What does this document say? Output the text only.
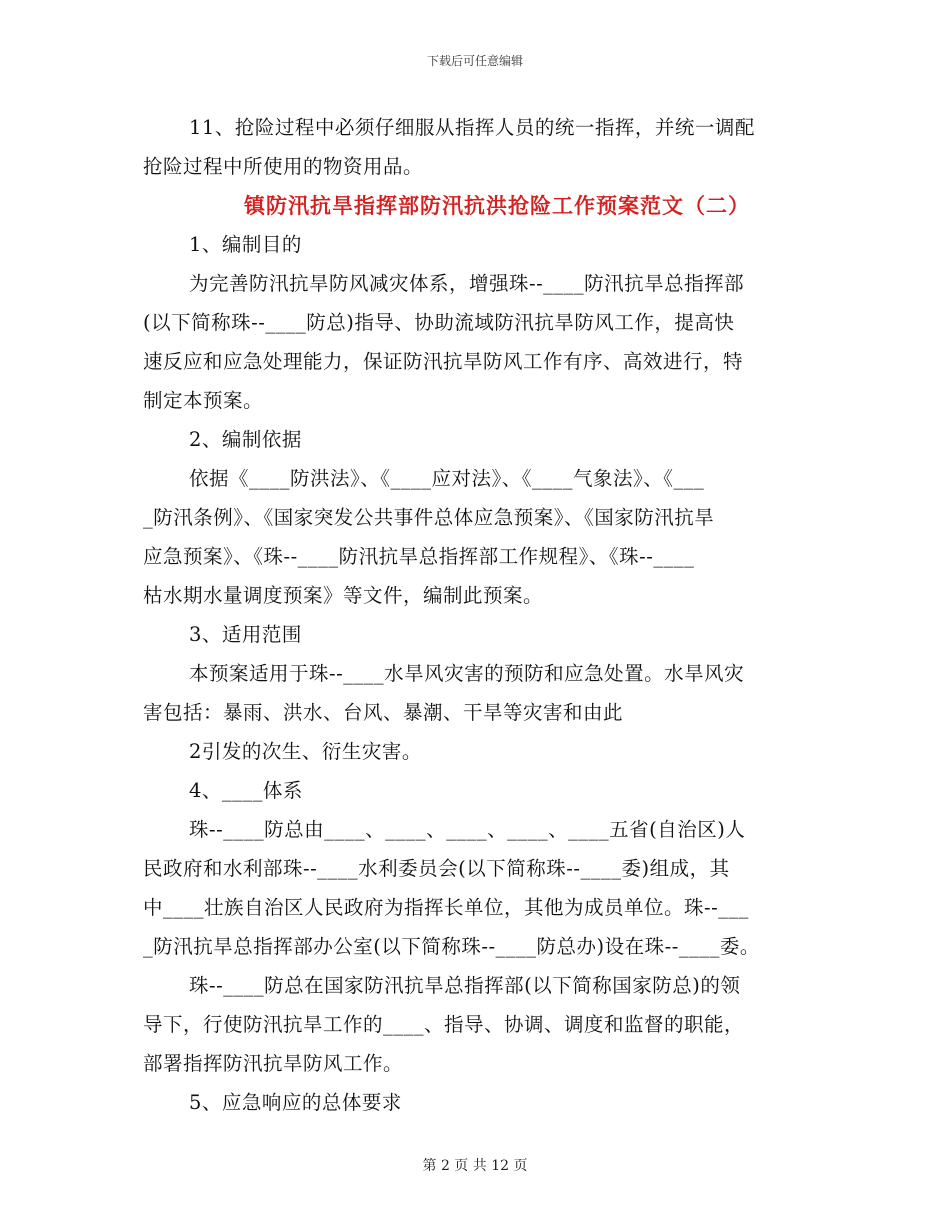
下载后可任意编辑
11、抢险过程中必须仔细服从指挥人员的统一指挥，并统一调配
抢险过程中所使用的物资用品。
镇防汛抗旱指挥部防汛抗洪抢险工作预案范文（二）
1、编制目的
为完善防汛抗旱防风减灾体系，增强珠--____防汛抗旱总指挥部
(以下简称珠--____防总)指导、协助流域防汛抗旱防风工作，提高快
速反应和应急处理能力，保证防汛抗旱防风工作有序、高效进行，特
制定本预案。
2、编制依据
依据《____防洪法》、《____应对法》、《____气象法》、《___
_防汛条例》、《国家突发公共事件总体应急预案》、《国家防汛抗旱
应急预案》、《珠--____防汛抗旱总指挥部工作规程》、《珠--____
枯水期水量调度预案》等文件，编制此预案。
3、适用范围
本预案适用于珠--____水旱风灾害的预防和应急处置。水旱风灾
害包括：暴雨、洪水、台风、暴潮、干旱等灾害和由此
2引发的次生、衍生灾害。
4、____体系
珠--____防总由____、____、____、____、____五省(自治区)人
民政府和水利部珠--____水利委员会(以下简称珠--____委)组成，其
中____壮族自治区人民政府为指挥长单位，其他为成员单位。珠--___
_防汛抗旱总指挥部办公室(以下简称珠--____防总办)设在珠--____委。
珠--____防总在国家防汛抗旱总指挥部(以下简称国家防总)的领
导下，行使防汛抗旱工作的____、指导、协调、调度和监督的职能，
部署指挥防汛抗旱防风工作。
5、应急响应的总体要求
第 2 页 共 12 页
